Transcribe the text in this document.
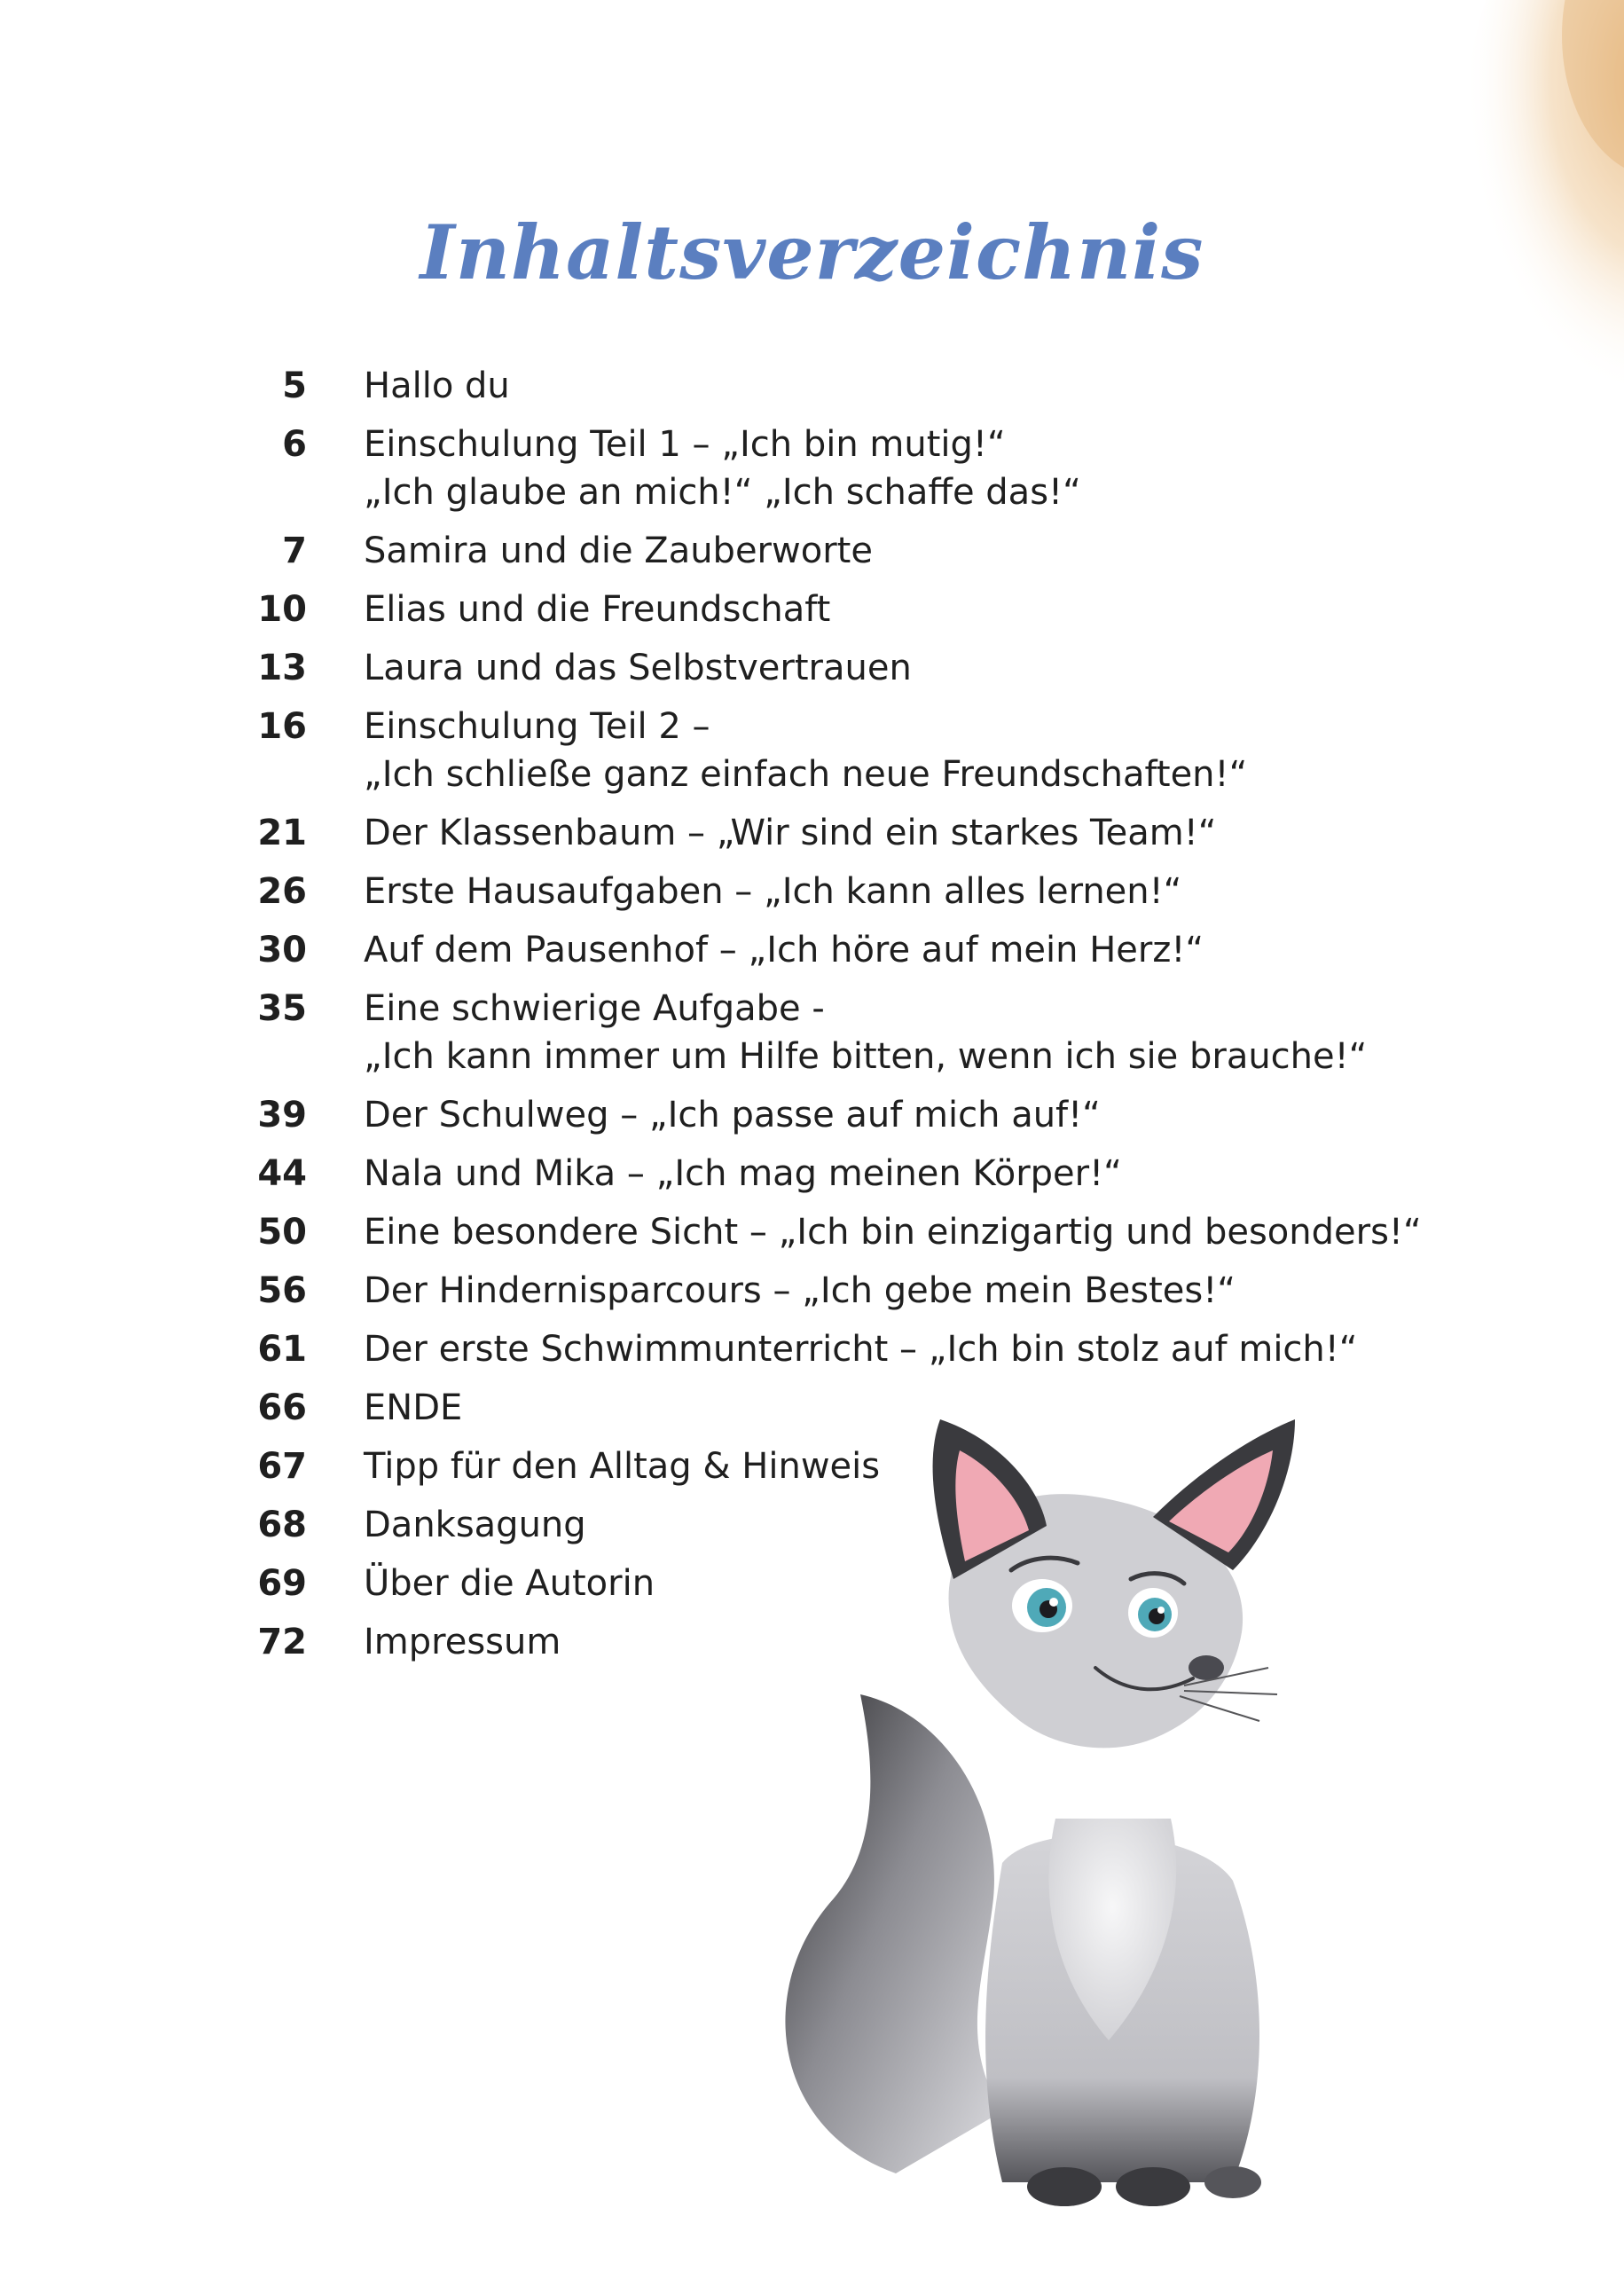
Inhaltsverzeichnis
5 Hallo du
6 Einschulung Teil 1 – „Ich bin mutig!“
„Ich glaube an mich!“ „Ich schaffe das!“
7 Samira und die Zauberworte
10 Elias und die Freundschaft
13 Laura und das Selbstvertrauen
16 Einschulung Teil 2 –
„Ich schließe ganz einfach neue Freundschaften!“
21 Der Klassenbaum – „Wir sind ein starkes Team!“
26 Erste Hausaufgaben – „Ich kann alles lernen!“
30 Auf dem Pausenhof – „Ich höre auf mein Herz!“
35 Eine schwierige Aufgabe -
„Ich kann immer um Hilfe bitten, wenn ich sie brauche!“
39 Der Schulweg – „Ich passe auf mich auf!“
44 Nala und Mika – „Ich mag meinen Körper!“
50 Eine besondere Sicht – „Ich bin einzigartig und besonders!“
56 Der Hindernisparcours – „Ich gebe mein Bestes!“
61 Der erste Schwimmunterricht – „Ich bin stolz auf mich!“
66 ENDE
67 Tipp für den Alltag & Hinweis
68 Danksagung
69 Über die Autorin
72 Impressum
